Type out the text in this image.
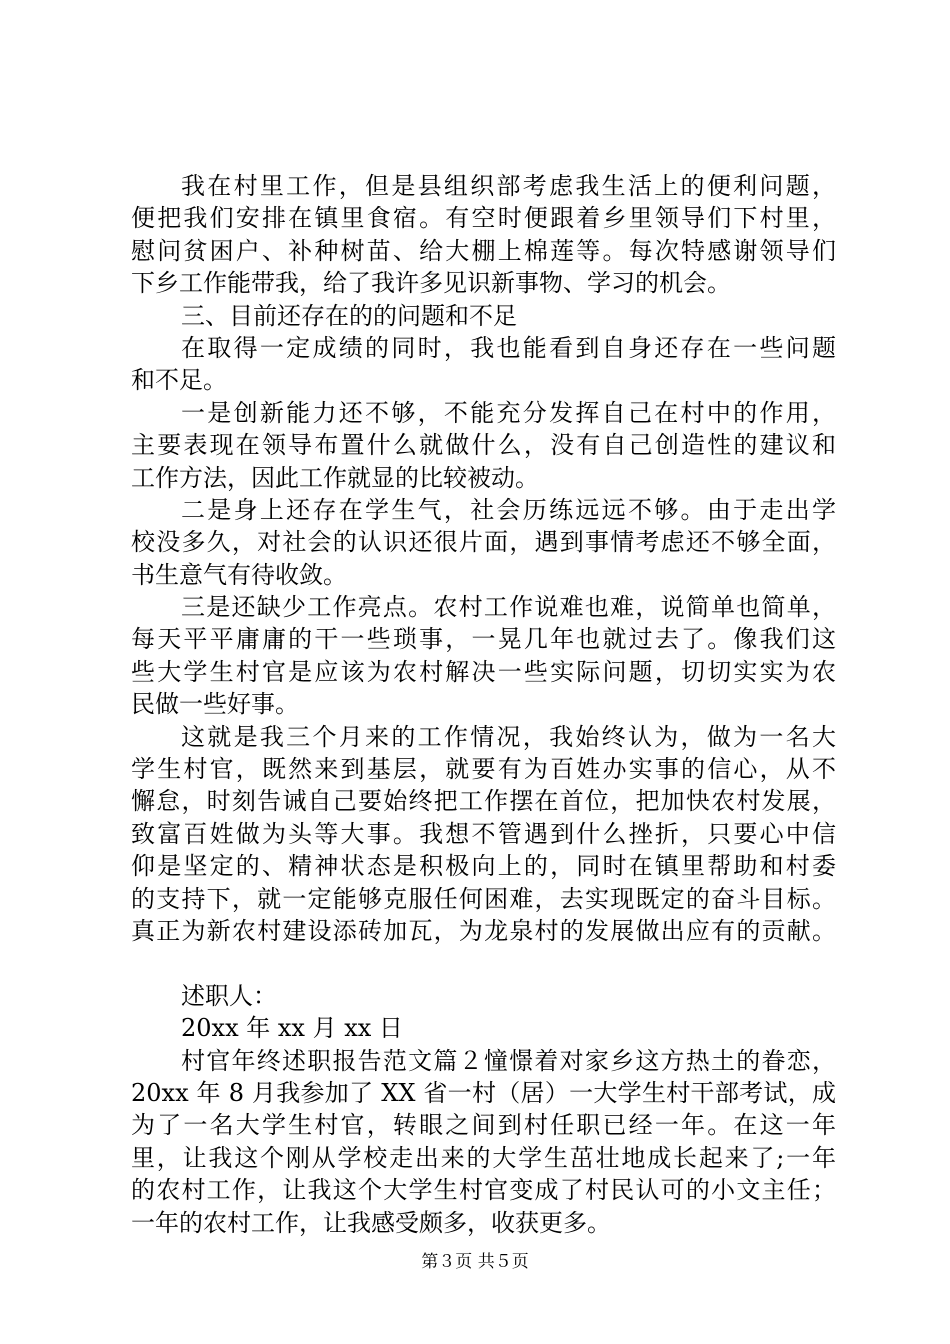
我在村里工作，但是县组织部考虑我生活上的便利问题，
便把我们安排在镇里食宿。有空时便跟着乡里领导们下村里，
慰问贫困户、补种树苗、给大棚上棉莲等。每次特感谢领导们
下乡工作能带我，给了我许多见识新事物、学习的机会。
三、目前还存在的的问题和不足
在取得一定成绩的同时，我也能看到自身还存在一些问题
和不足。
一是创新能力还不够，不能充分发挥自己在村中的作用，
主要表现在领导布置什么就做什么，没有自己创造性的建议和
工作方法，因此工作就显的比较被动。
二是身上还存在学生气，社会历练远远不够。由于走出学
校没多久，对社会的认识还很片面，遇到事情考虑还不够全面，
书生意气有待收敛。
三是还缺少工作亮点。农村工作说难也难，说简单也简单，
每天平平庸庸的干一些琐事，一晃几年也就过去了。像我们这
些大学生村官是应该为农村解决一些实际问题，切切实实为农
民做一些好事。
这就是我三个月来的工作情况，我始终认为，做为一名大
学生村官，既然来到基层，就要有为百姓办实事的信心，从不
懈怠，时刻告诫自己要始终把工作摆在首位，把加快农村发展，
致富百姓做为头等大事。我想不管遇到什么挫折，只要心中信
仰是坚定的、精神状态是积极向上的，同时在镇里帮助和村委
的支持下，就一定能够克服任何困难，去实现既定的奋斗目标。
真正为新农村建设添砖加瓦，为龙泉村的发展做出应有的贡献。
述职人：
20xx 年 xx 月 xx 日
村官年终述职报告范文篇２憧憬着对家乡这方热土的眷恋，
20xx 年 8 月我参加了 XX 省一村（居）一大学生村干部考试，成
为了一名大学生村官，转眼之间到村任职已经一年。在这一年
里，让我这个刚从学校走出来的大学生茁壮地成长起来了;一年
的农村工作，让我这个大学生村官变成了村民认可的小文主任；
一年的农村工作，让我感受颇多，收获更多。
第３页 共５页
